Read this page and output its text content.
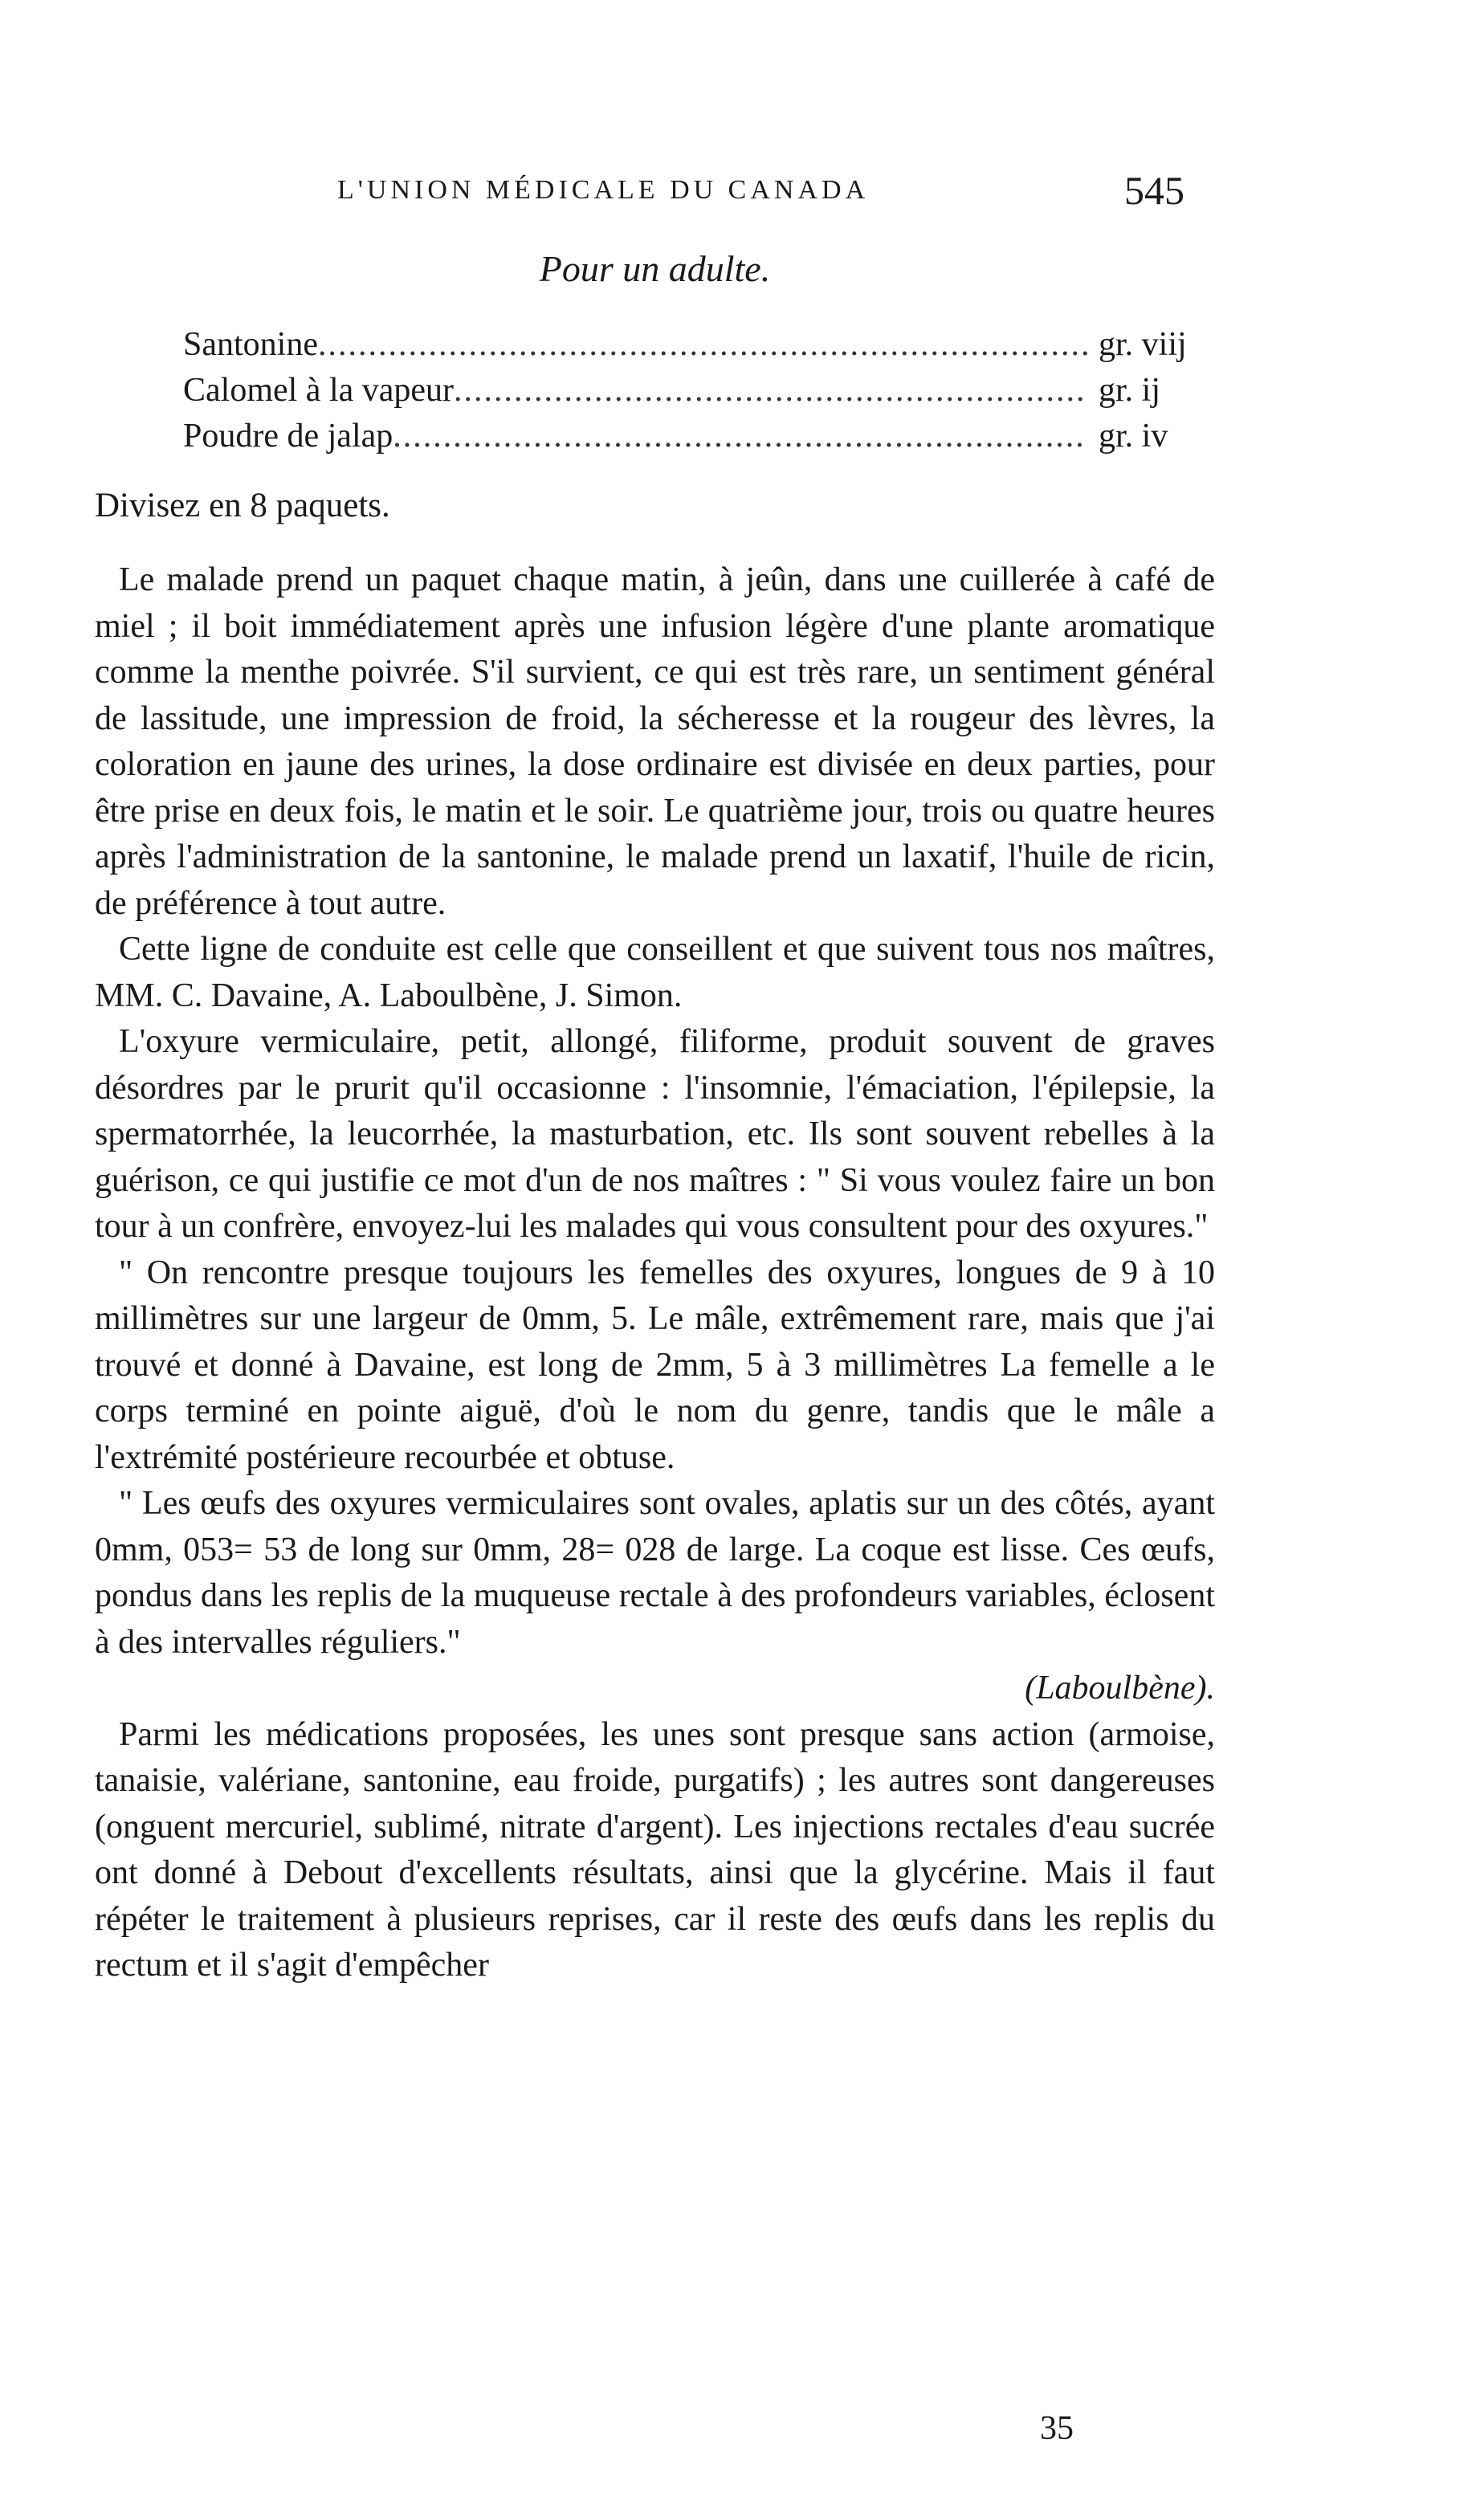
L'UNION MÉDICALE DU CANADA	545

Pour un adulte.

Santonine .....	gr. viij
Calomel à la vapeur .....	gr. ij
Poudre de jalap .....	gr. iv

Divisez en 8 paquets.

Le malade prend un paquet chaque matin, à jeûn, dans une cuillerée à café de miel ; il boit immédiatement après une infusion légère d'une plante aromatique comme la menthe poivrée. S'il survient, ce qui est très rare, un sentiment général de lassitude, une impression de froid, la sécheresse et la rougeur des lèvres, la coloration en jaune des urines, la dose ordinaire est divisée en deux parties, pour être prise en deux fois, le matin et le soir. Le quatrième jour, trois ou quatre heures après l'administration de la santonine, le malade prend un laxatif, l'huile de ricin, de préférence à tout autre.

Cette ligne de conduite est celle que conseillent et que suivent tous nos maîtres, MM. C. Davaine, A. Laboulbène, J. Simon.

L'oxyure vermiculaire, petit, allongé, filiforme, produit souvent de graves désordres par le prurit qu'il occasionne : l'insomnie, l'émaciation, l'épilepsie, la spermatorrhée, la leucorrhée, la masturbation, etc. Ils sont souvent rebelles à la guérison, ce qui justifie ce mot d'un de nos maîtres : " Si vous voulez faire un bon tour à un confrère, envoyez-lui les malades qui vous consultent pour des oxyures."

" On rencontre presque toujours les femelles des oxyures, longues de 9 à 10 millimètres sur une largeur de 0mm, 5. Le mâle, extrêmement rare, mais que j'ai trouvé et donné à Davaine, est long de 2mm, 5 à 3 millimètres La femelle a le corps terminé en pointe aiguë, d'où le nom du genre, tandis que le mâle a l'extrémité postérieure recourbée et obtuse.

" Les œufs des oxyures vermiculaires sont ovales, aplatis sur un des côtés, ayant 0mm, 053= 53 de long sur 0mm, 28= 028 de large. La coque est lisse. Ces œufs, pondus dans les replis de la muqueuse rectale à des profondeurs variables, éclosent à des intervalles réguliers."

(Laboulbène).

Parmi les médications proposées, les unes sont presque sans action (armoise, tanaisie, valériane, santonine, eau froide, purgatifs) ; les autres sont dangereuses (onguent mercuriel, sublimé, nitrate d'argent). Les injections rectales d'eau sucrée ont donné à Debout d'excellents résultats, ainsi que la glycérine. Mais il faut répéter le traitement à plusieurs reprises, car il reste des œufs dans les replis du rectum et il s'agit d'empêcher

35
